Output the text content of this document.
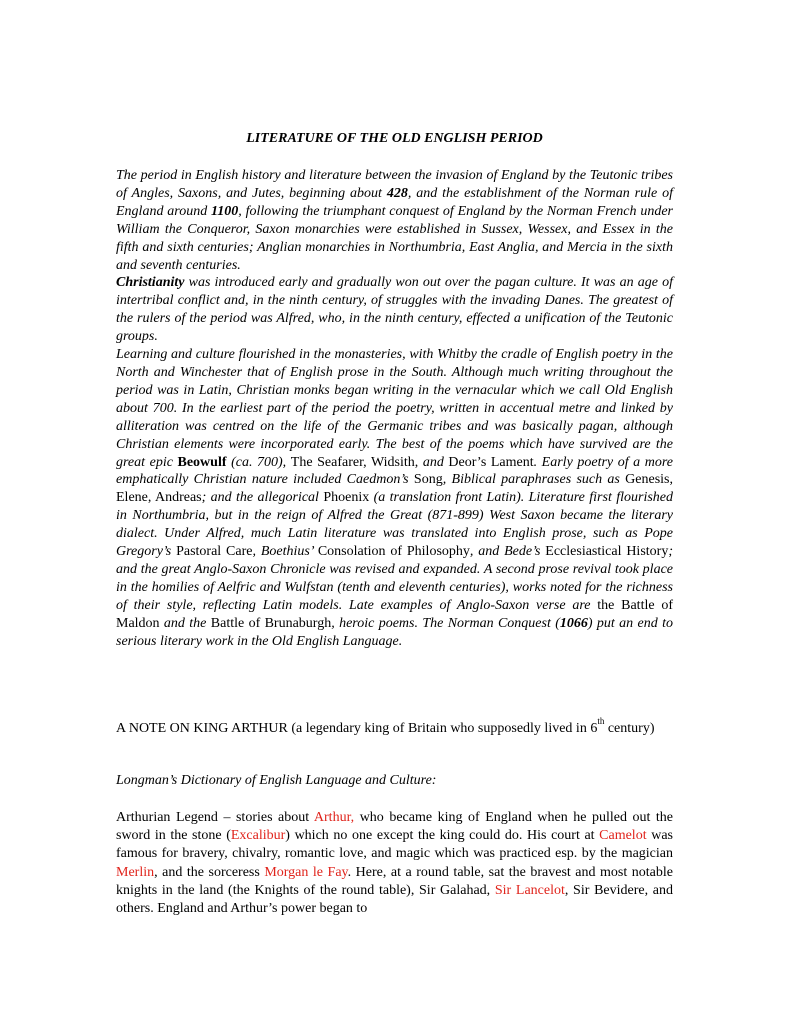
LITERATURE OF THE OLD ENGLISH PERIOD

The period in English history and literature between the invasion of England by the Teutonic tribes of Angles, Saxons, and Jutes, beginning about 428, and the establishment of the Norman rule of England around 1100, following the triumphant conquest of England by the Norman French under William the Conqueror, Saxon monarchies were established in Sussex, Wessex, and Essex in the fifth and sixth centuries; Anglian monarchies in Northumbria, East Anglia, and Mercia in the sixth and seventh centuries.

Christianity was introduced early and gradually won out over the pagan culture. It was an age of intertribal conflict and, in the ninth century, of struggles with the invading Danes. The greatest of the rulers of the period was Alfred, who, in the ninth century, effected a unification of the Teutonic groups.

Learning and culture flourished in the monasteries, with Whitby the cradle of English poetry in the North and Winchester that of English prose in the South. Although much writing throughout the period was in Latin, Christian monks began writing in the vernacular which we call Old English about 700. In the earliest part of the period the poetry, written in accentual metre and linked by alliteration was centred on the life of the Germanic tribes and was basically pagan, although Christian elements were incorporated early. The best of the poems which have survived are the great epic Beowulf (ca. 700), The Seafarer, Widsith, and Deor’s Lament. Early poetry of a more emphatically Christian nature included Caedmon’s Song, Biblical paraphrases such as Genesis, Elene, Andreas; and the allegorical Phoenix (a translation front Latin). Literature first flourished in Northumbria, but in the reign of Alfred the Great (871-899) West Saxon became the literary dialect. Under Alfred, much Latin literature was translated into English prose, such as Pope Gregory’s Pastoral Care, Boethius’ Consolation of Philosophy, and Bede’s Ecclesiastical History; and the great Anglo-Saxon Chronicle was revised and expanded. A second prose revival took place in the homilies of Aelfric and Wulfstan (tenth and eleventh centuries), works noted for the richness of their style, reflecting Latin models. Late examples of Anglo-Saxon verse are the Battle of Maldon and the Battle of Brunaburgh, heroic poems. The Norman Conquest (1066) put an end to serious literary work in the Old English Language.

A NOTE ON KING ARTHUR (a legendary king of Britain who supposedly lived in 6th century)

Longman’s Dictionary of English Language and Culture:

Arthurian Legend – stories about Arthur, who became king of England when he pulled out the sword in the stone (Excalibur) which no one except the king could do. His court at Camelot was famous for bravery, chivalry, romantic love, and magic which was practiced esp. by the magician Merlin, and the sorceress Morgan le Fay. Here, at a round table, sat the bravest and most notable knights in the land (the Knights of the round table), Sir Galahad, Sir Lancelot, Sir Bevidere, and others. England and Arthur’s power began to
